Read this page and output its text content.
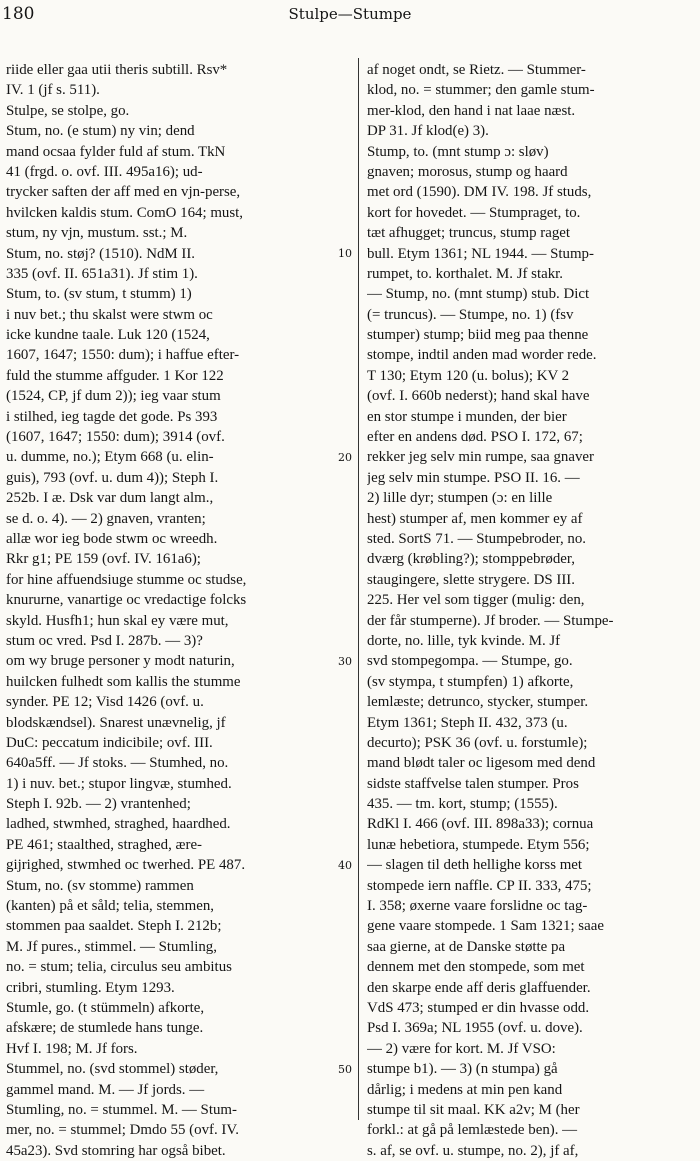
180	Stulpe—Stumpe
10
20
30
40
50
riide eller gaa utii theris subtill. Rsv*
IV. 1 (jf s. 511).
Stulpe, se stolpe, go.
Stum, no. (e stum) ny vin; dend
mand ocsaa fylder fuld af stum. TkN
41 (frgd. o. ovf. III. 495a16); ud-
trycker saften der aff med en vjn-perse,
hvilcken kaldis stum. ComO 164; must,
stum, ny vjn, mustum. sst.; M.
Stum, no. støj? (1510). NdM II.
335 (ovf. II. 651a31). Jf stim 1).
Stum, to. (sv stum, t stumm) 1)
i nuv bet.; thu skalst were stwm oc
icke kundne taale. Luk 120 (1524,
1607, 1647; 1550: dum); i haffue efter-
fuld the stumme affguder. 1 Kor 122
(1524, CP, jf dum 2)); ieg vaar stum
i stilhed, ieg tagde det gode. Ps 393
(1607, 1647; 1550: dum); 3914 (ovf.
u. dumme, no.); Etym 668 (u. elin-
guis), 793 (ovf. u. dum 4)); Steph I.
252b. I æ. Dsk var dum langt alm.,
se d. o. 4). — 2) gnaven, vranten;
allæ wor ieg bode stwm oc wreedh.
Rkr g1; PE 159 (ovf. IV. 161a6);
for hine affuendsiuge stumme oc studse,
knururne, vanartige oc vredactige folcks
skyld. Husfh1; hun skal ey være mut,
stum oc vred. Psd I. 287b. — 3)?
om wy bruge personer y modt naturin,
huilcken fulhedt som kallis the stumme
synder. PE 12; Visd 1426 (ovf. u.
blodskændsel). Snarest unævnelig, jf
DuC: peccatum indicibile; ovf. III.
640a5ff. — Jf stoks. — Stumhed, no.
1) i nuv. bet.; stupor lingvæ, stumhed.
Steph I. 92b. — 2) vrantenhed;
ladhed, stwmhed, straghed, haardhed.
PE 461; staalthed, straghed, ære-
gijrighed, stwmhed oc twerhed. PE 487.
Stum, no. (sv stomme) rammen
(kanten) på et såld; telia, stemmen,
stommen paa saaldet. Steph I. 212b;
M. Jf pures., stimmel. — Stumling,
no. = stum; telia, circulus seu ambitus
cribri, stumling. Etym 1293.
Stumle, go. (t stümmeln) afkorte,
afskære; de stumlede hans tunge.
Hvf I. 198; M. Jf fors.
Stummel, no. (svd stommel) støder,
gammel mand. M. — Jf jords. —
Stumling, no. = stummel. M. — Stum-
mer, no. = stummel; Dmdo 55 (ovf. IV.
45a23). Svd stomring har også bibet.
af noget ondt, se Rietz. — Stummer-
klod, no. = stummer; den gamle stum-
mer-klod, den hand i nat laae næst.
DP 31. Jf klod(e) 3).
Stump, to. (mnt stump ɔ: sløv)
gnaven; morosus, stump og haard
met ord (1590). DM IV. 198. Jf studs,
kort for hovedet. — Stumpraget, to.
tæt afhugget; truncus, stump raget
bull. Etym 1361; NL 1944. — Stump-
rumpet, to. korthalet. M. Jf stakr.
— Stump, no. (mnt stump) stub. Dict
(= truncus). — Stumpe, no. 1) (fsv
stumper) stump; biid meg paa thenne
stompe, indtil anden mad worder rede.
T 130; Etym 120 (u. bolus); KV 2
(ovf. I. 660b nederst); hand skal have
en stor stumpe i munden, der bier
efter en andens død. PSO I. 172, 67;
rekker jeg selv min rumpe, saa gnaver
jeg selv min stumpe. PSO II. 16. —
2) lille dyr; stumpen (ɔ: en lille
hest) stumper af, men kommer ey af
sted. SortS 71. — Stumpebroder, no.
dværg (krøbling?); stomppebrøder,
staugingere, slette strygere. DS III.
225. Her vel som tigger (mulig: den,
der får stumperne). Jf broder. — Stumpe-
dorte, no. lille, tyk kvinde. M. Jf
svd stompegompa. — Stumpe, go.
(sv stympa, t stumpfen) 1) afkorte,
lemlæste; detrunco, stycker, stumper.
Etym 1361; Steph II. 432, 373 (u.
decurto); PSK 36 (ovf. u. forstumle);
mand blødt taler oc ligesom med dend
sidste staffvelse talen stumper. Pros
435. — tm. kort, stump; (1555).
RdKl I. 466 (ovf. III. 898a33); cornua
lunæ hebetiora, stumpede. Etym 556;
— slagen til deth hellighe korss met
stompede iern naffle. CP II. 333, 475;
I. 358; øxerne vaare forslidne oc tag-
gene vaare stompede. 1 Sam 1321; saae
saa gierne, at de Danske støtte pa
dennem met den stompede, som met
den skarpe ende aff deris glaffuender.
VdS 473; stumped er din hvasse odd.
Psd I. 369a; NL 1955 (ovf. u. dove).
— 2) være for kort. M. Jf VSO:
stumpe b1). — 3) (n stumpa) gå
dårlig; i medens at min pen kand
stumpe til sit maal. KK a2v; M (her
forkl.: at gå på lemlæstede ben). —
s. af, se ovf. u. stumpe, no. 2), jf af,
